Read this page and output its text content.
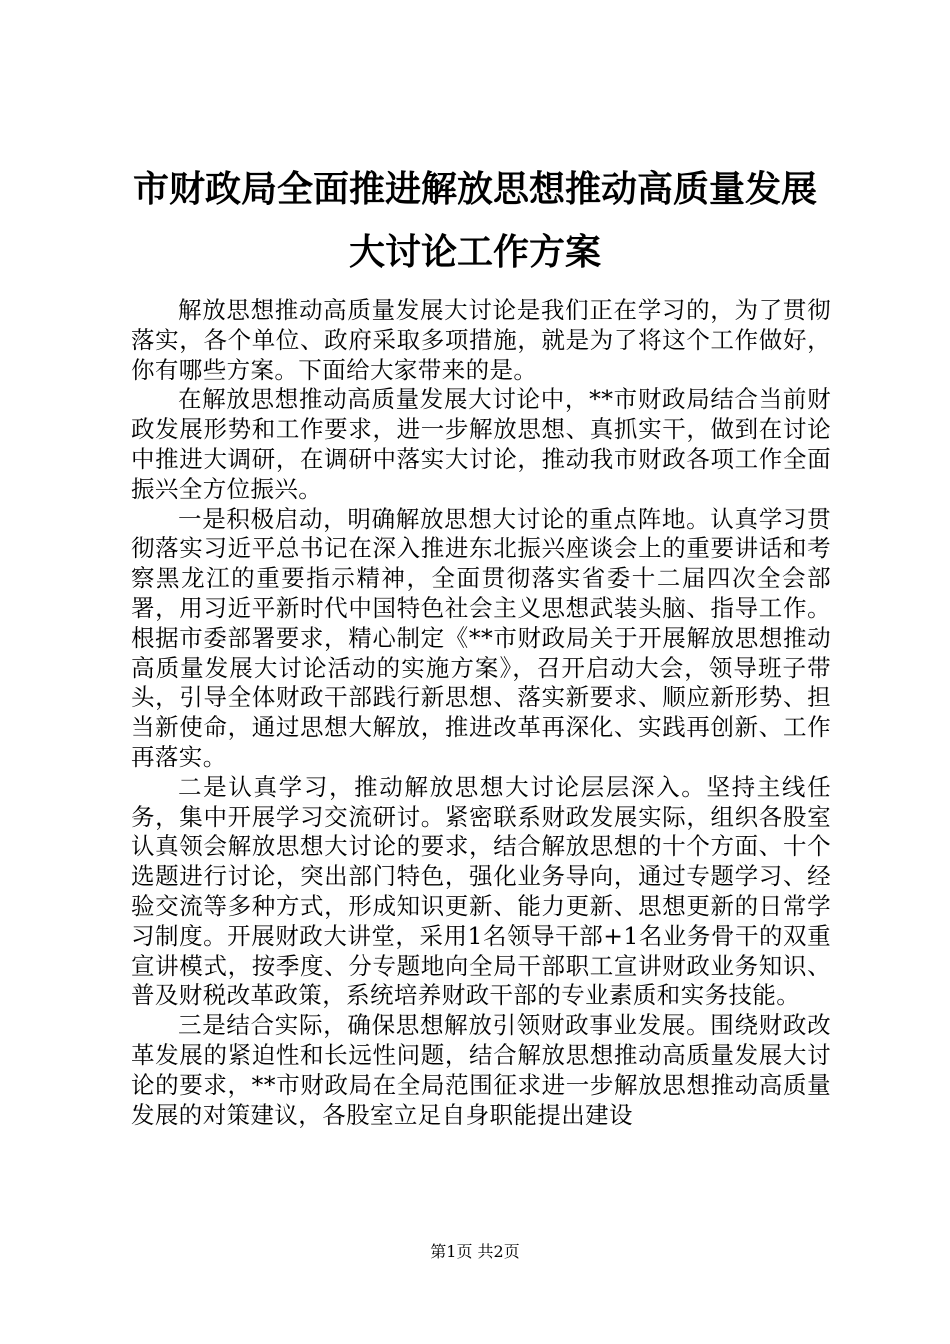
市财政局全面推进解放思想推动高质量发展大讨论工作方案

解放思想推动高质量发展大讨论是我们正在学习的，为了贯彻落实，各个单位、政府采取多项措施，就是为了将这个工作做好，你有哪些方案。下面给大家带来的是。

在解放思想推动高质量发展大讨论中，**市财政局结合当前财政发展形势和工作要求，进一步解放思想、真抓实干，做到在讨论中推进大调研，在调研中落实大讨论，推动我市财政各项工作全面振兴全方位振兴。

一是积极启动，明确解放思想大讨论的重点阵地。认真学习贯彻落实习近平总书记在深入推进东北振兴座谈会上的重要讲话和考察黑龙江的重要指示精神，全面贯彻落实省委十二届四次全会部署，用习近平新时代中国特色社会主义思想武装头脑、指导工作。根据市委部署要求，精心制定《**市财政局关于开展解放思想推动高质量发展大讨论活动的实施方案》，召开启动大会，领导班子带头，引导全体财政干部践行新思想、落实新要求、顺应新形势、担当新使命，通过思想大解放，推进改革再深化、实践再创新、工作再落实。

二是认真学习，推动解放思想大讨论层层深入。坚持主线任务，集中开展学习交流研讨。紧密联系财政发展实际，组织各股室认真领会解放思想大讨论的要求，结合解放思想的十个方面、十个选题进行讨论，突出部门特色，强化业务导向，通过专题学习、经验交流等多种方式，形成知识更新、能力更新、思想更新的日常学习制度。开展财政大讲堂，采用1名领导干部+1名业务骨干的双重宣讲模式，按季度、分专题地向全局干部职工宣讲财政业务知识、普及财税改革政策，系统培养财政干部的专业素质和实务技能。

三是结合实际，确保思想解放引领财政事业发展。围绕财政改革发展的紧迫性和长远性问题，结合解放思想推动高质量发展大讨论的要求，**市财政局在全局范围征求进一步解放思想推动高质量发展的对策建议，各股室立足自身职能提出建设

第1页 共2页
